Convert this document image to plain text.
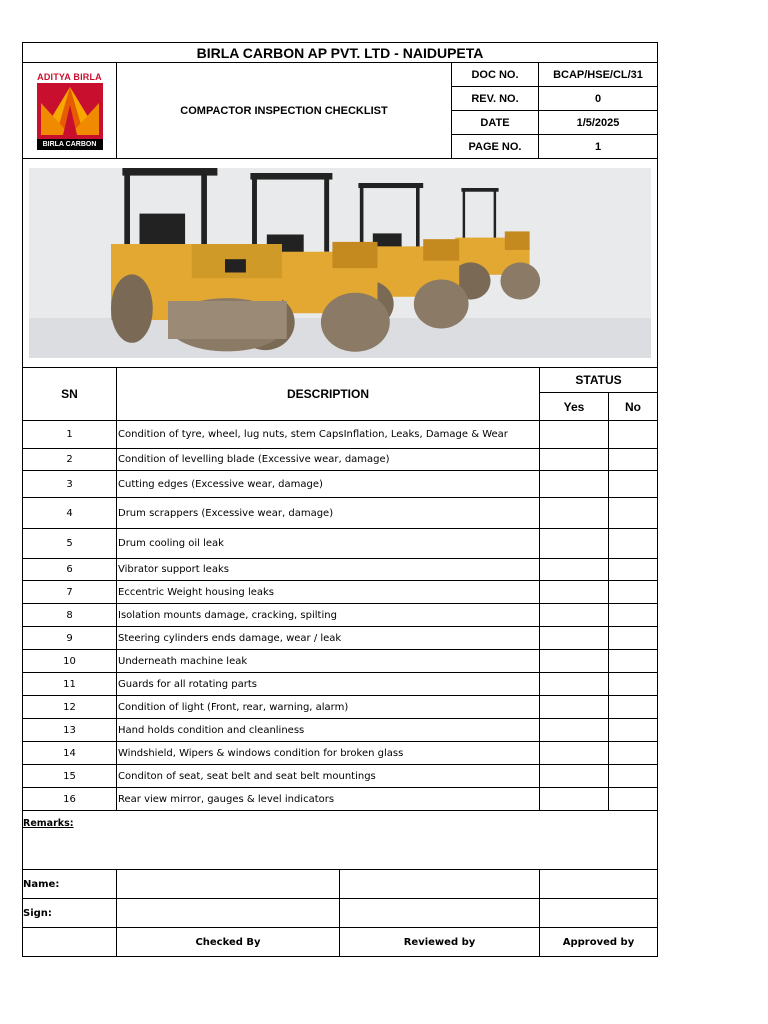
BIRLA CARBON AP PVT. LTD - NAIDUPETA			

ADITYA BIRLA
BIRLA CARBON	COMPACTOR INSPECTION CHECKLIST	DOC NO.	BCAP/HSE/CL/31
		REV. NO.	0
		DATE	1/5/2025
		PAGE NO.	1

SN	DESCRIPTION	STATUS	
		Yes	No
1	Condition of tyre, wheel, lug nuts, stem CapsInflation, Leaks, Damage & Wear		
2	Condition of levelling blade (Excessive wear, damage)		
3	Cutting edges (Excessive wear, damage)		
4	Drum scrappers (Excessive wear, damage)		
5	Drum cooling oil leak		
6	Vibrator support leaks		
7	Eccentric Weight housing leaks		
8	Isolation mounts damage, cracking, spilting		
9	Steering cylinders ends damage, wear / leak		
10	Underneath machine leak		
11	Guards for all rotating parts		
12	Condition of light (Front, rear, warning, alarm)		
13	Hand holds condition and cleanliness		
14	Windshield, Wipers & windows condition for broken glass		
15	Conditon of seat, seat belt and seat belt mountings		
16	Rear view mirror, gauges & level indicators		
Remarks:			
Name:			
Sign:			
	Checked By	Reviewed by	Approved by
